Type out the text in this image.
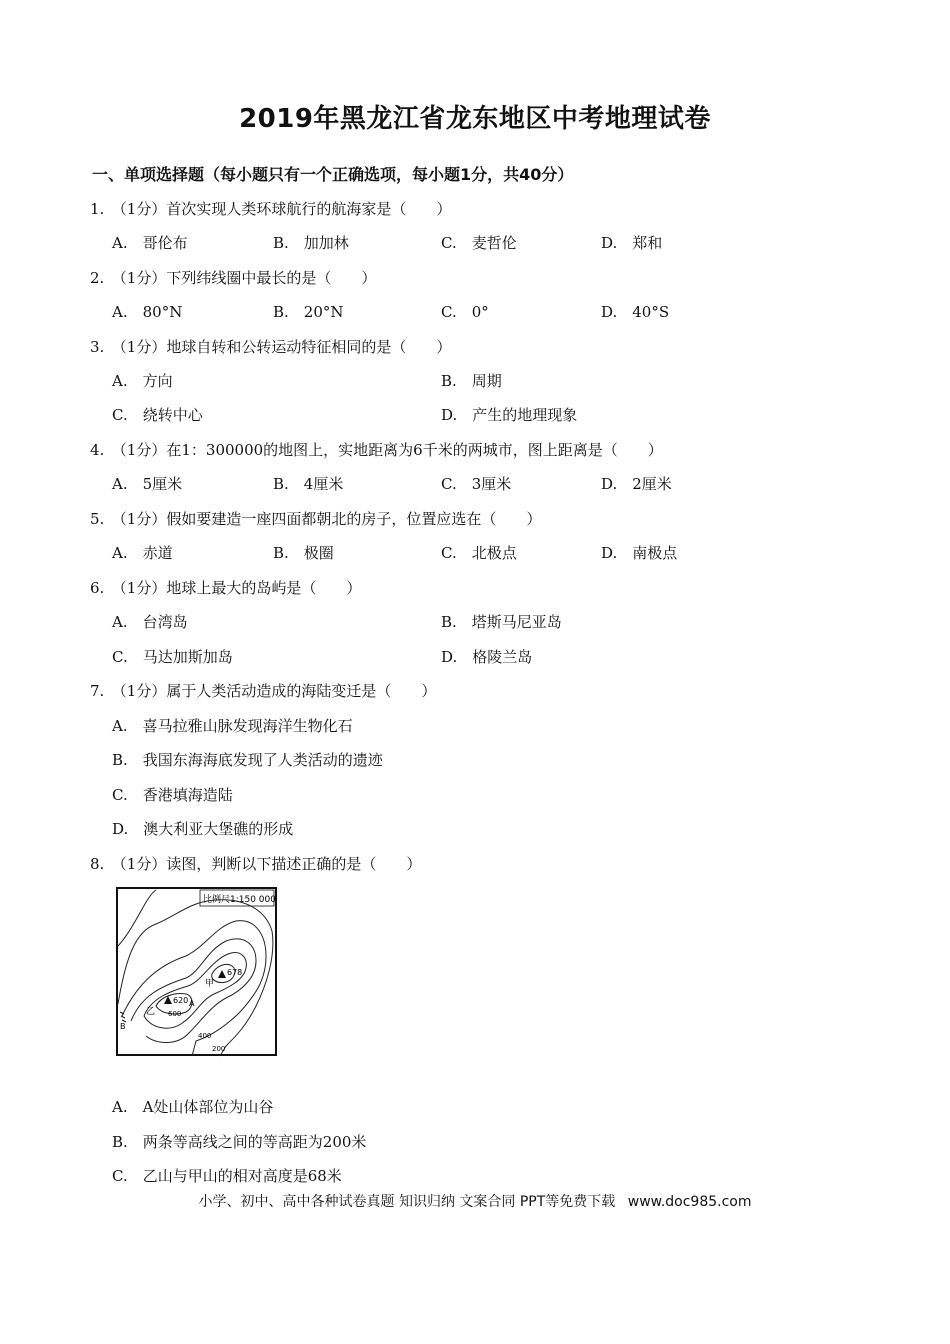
2019年黑龙江省龙东地区中考地理试卷
一、单项选择题（每小题只有一个正确选项，每小题1分，共40分）
1.　（1分）首次实现人类环球航行的航海家是（　　）
A.　哥伦布	B.　加加林	C.　麦哲伦	D.　郑和
2.　（1分）下列纬线圈中最长的是（　　）
A.　80°N	B.　20°N	C.　0°	D.　40°S
3.　（1分）地球自转和公转运动特征相同的是（　　）
A.　方向	B.　周期
C.　绕转中心	D.　产生的地理现象
4.　（1分）在1：300000的地图上，实地距离为6千米的两城市，图上距离是（　　）
A.　5厘米	B.　4厘米	C.　3厘米	D.　2厘米
5.　（1分）假如要建造一座四面都朝北的房子，位置应选在（　　）
A.　赤道	B.　极圈	C.　北极点	D.　南极点
6.　（1分）地球上最大的岛屿是（　　）
A.　台湾岛	B.　塔斯马尼亚岛
C.　马达加斯加岛	D.　格陵兰岛
7.　（1分）属于人类活动造成的海陆变迁是（　　）
A.　喜马拉雅山脉发现海洋生物化石
B.　我国东海海底发现了人类活动的遗迹
C.　香港填海造陆
D.　澳大利亚大堡礁的形成
8.　（1分）读图，判断以下描述正确的是（　　）
比例尺1:150 000
620
678
甲
乙
A
B
600
400
200
A.　A处山体部位为山谷
B.　两条等高线之间的等高距为200米
C.　乙山与甲山的相对高度是68米
小学、初中、高中各种试卷真题 知识归纳 文案合同 PPT等免费下载 www.doc985.com
